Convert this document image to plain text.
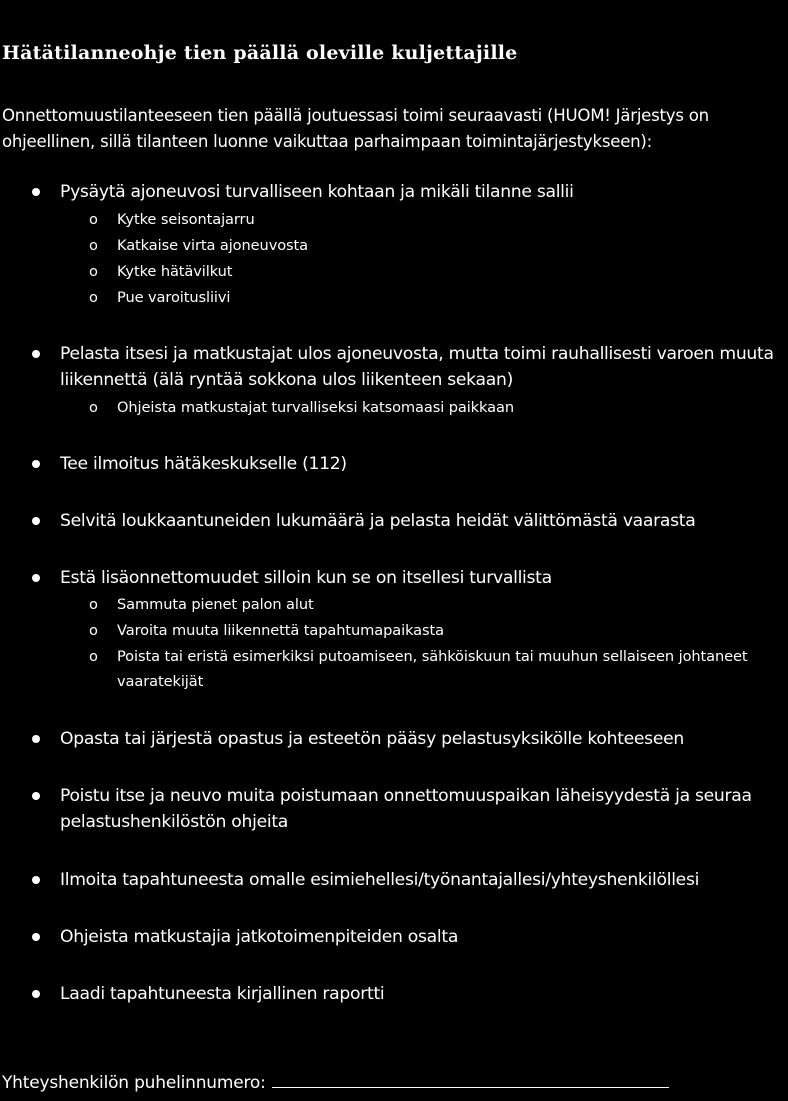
Hätätilanneohje tien päällä oleville kuljettajille
Onnettomuustilanteeseen tien päällä joutuessasi toimi seuraavasti (HUOM! Järjestys on ohjeellinen, sillä tilanteen luonne vaikuttaa parhaimpaan toimintajärjestykseen):
Pysäytä ajoneuvosi turvalliseen kohtaan ja mikäli tilanne sallii
o Kytke seisontajarru
o Katkaise virta ajoneuvosta
o Kytke hätävilkut
o Pue varoitusliivi
Pelasta itsesi ja matkustajat ulos ajoneuvosta, mutta toimi rauhallisesti varoen muuta liikennettä (älä ryntää sokkona ulos liikenteen sekaan)
o Ohjeista matkustajat turvalliseksi katsomaasi paikkaan
Tee ilmoitus hätäkeskukselle (112)
Selvitä loukkaantuneiden lukumäärä ja pelasta heidät välittömästä vaarasta
Estä lisäonnettomuudet silloin kun se on itsellesi turvallista
o Sammuta pienet palon alut
o Varoita muuta liikennettä tapahtumapaikasta
o Poista tai eristä esimerkiksi putoamiseen, sähköiskuun tai muuhun sellaiseen johtaneet vaaratekijät
Opasta tai järjestä opastus ja esteetön pääsy pelastusyksikölle kohteeseen
Poistu itse ja neuvo muita poistumaan onnettomuuspaikan läheisyydestä ja seuraa pelastushenkilöstön ohjeita
Ilmoita tapahtuneesta omalle esimiehellesi/työnantajallesi/yhteyshenkilöllesi
Ohjeista matkustajia jatkotoimenpiteiden osalta
Laadi tapahtuneesta kirjallinen raportti
Yhteyshenkilön puhelinnumero:
